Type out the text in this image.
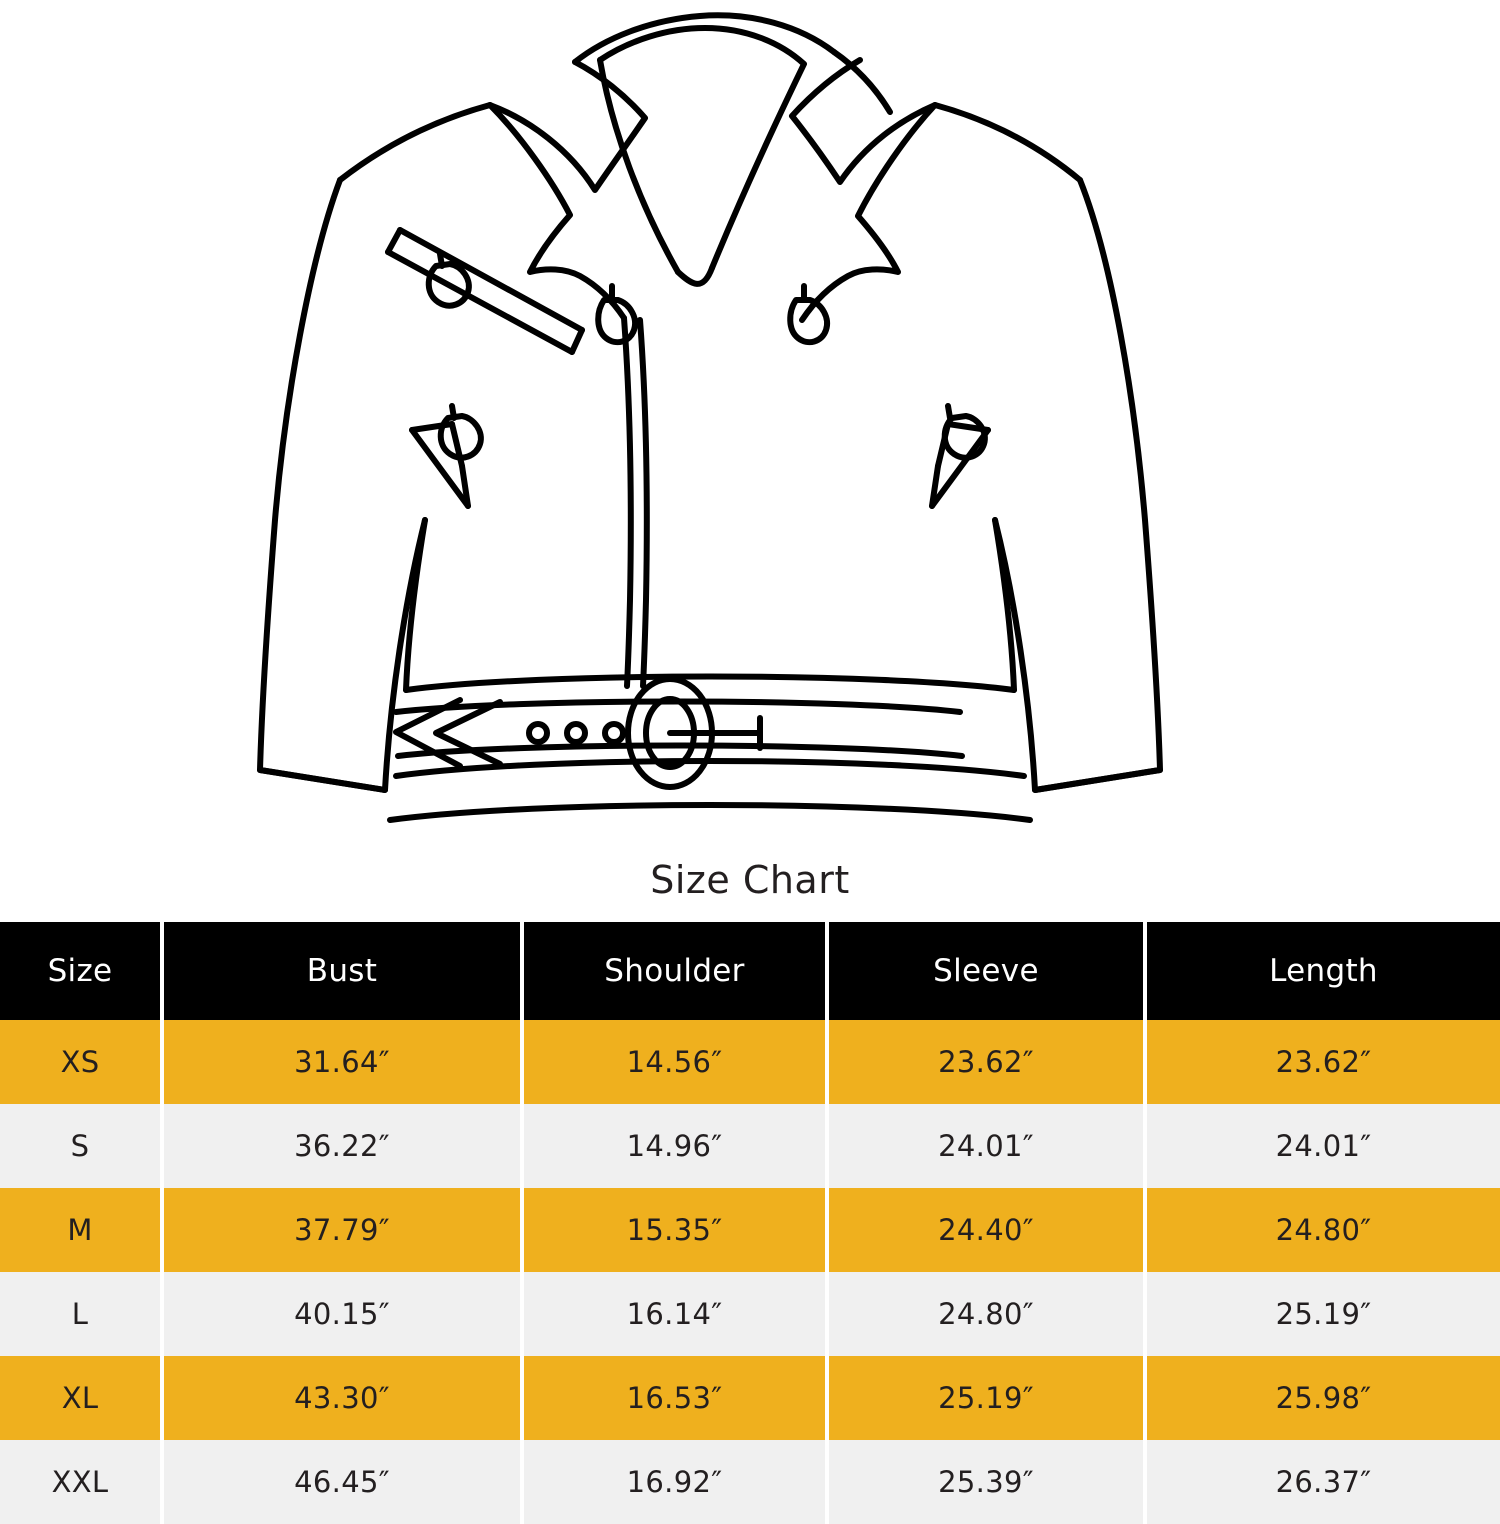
Size Chart
Size	Bust	Shoulder	Sleeve	Length
XS	31.64″	14.56″	23.62″	23.62″
S	36.22″	14.96″	24.01″	24.01″
M	37.79″	15.35″	24.40″	24.80″
L	40.15″	16.14″	24.80″	25.19″
XL	43.30″	16.53″	25.19″	25.98″
XXL	46.45″	16.92″	25.39″	26.37″
